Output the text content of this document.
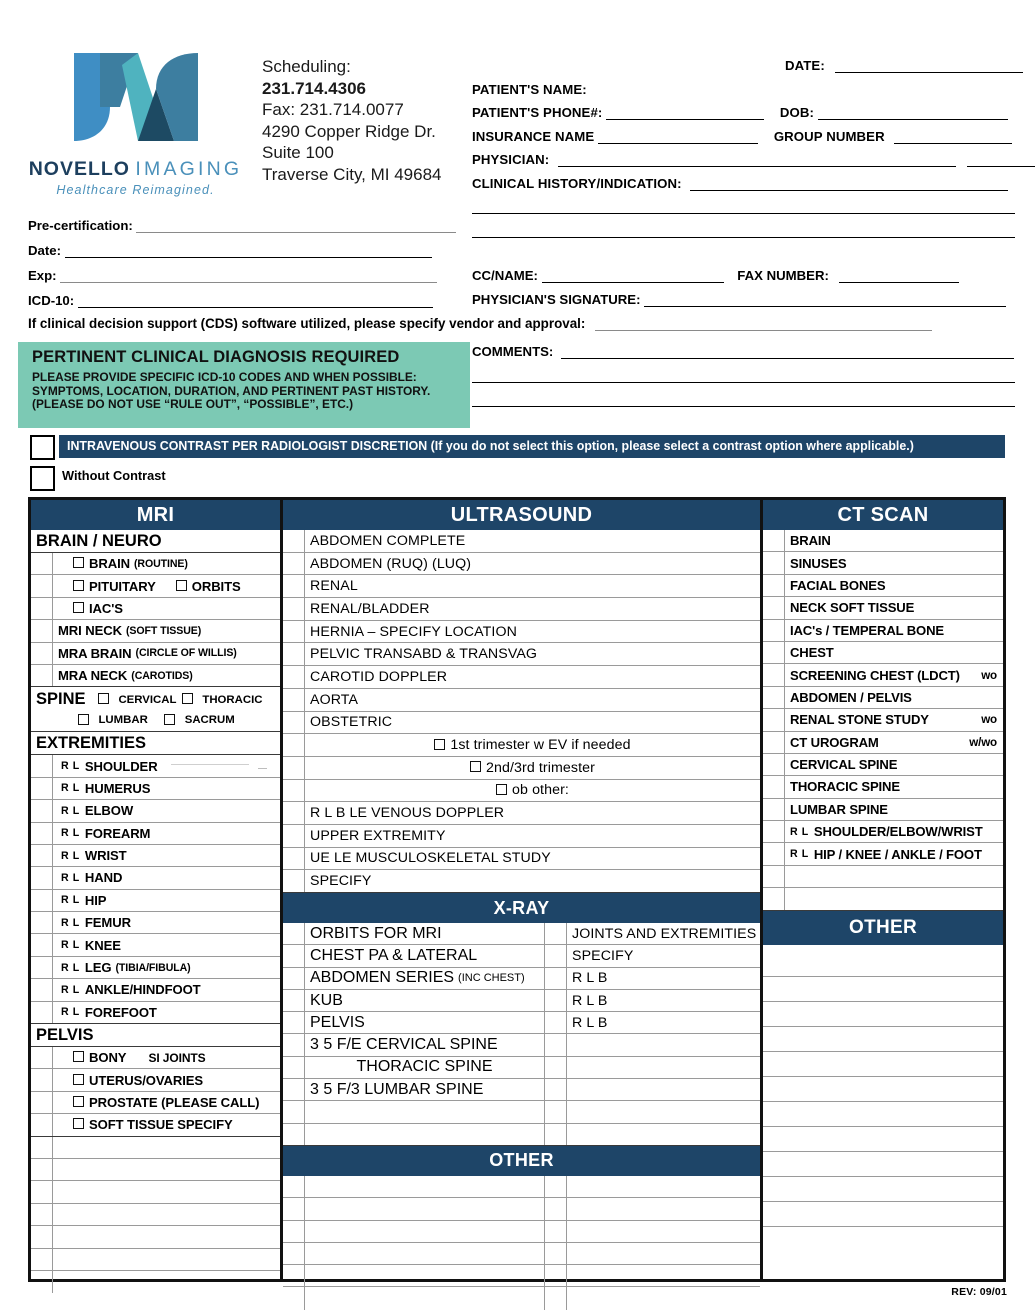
NOVELLO IMAGING
Healthcare Reimagined.
Scheduling:
231.714.4306
Fax: 231.714.0077
4290 Copper Ridge Dr.
Suite 100
Traverse City, MI 49684
DATE:
PATIENT'S NAME:
PATIENT'S PHONE#:	DOB:
INSURANCE NAME	GROUP NUMBER
PHYSICIAN:
CLINICAL HISTORY/INDICATION:
Pre-certification:
Date:
Exp:
ICD-10:
CC/NAME:	FAX NUMBER:
PHYSICIAN'S SIGNATURE:
If clinical decision support (CDS) software utilized, please specify vendor and approval:
PERTINENT CLINICAL DIAGNOSIS REQUIRED
PLEASE PROVIDE SPECIFIC ICD-10 CODES AND WHEN POSSIBLE: SYMPTOMS, LOCATION, DURATION, AND PERTINENT PAST HISTORY. (PLEASE DO NOT USE “RULE OUT”, “POSSIBLE”, ETC.)
COMMENTS:
INTRAVENOUS CONTRAST PER RADIOLOGIST DISCRETION (If you do not select this option, please select a contrast option where applicable.)
Without Contrast
MRI
BRAIN / NEURO
BRAIN (ROUTINE)
PITUITARY	ORBITS
IAC'S
MRI NECK (SOFT TISSUE)
MRA BRAIN (CIRCLE OF WILLIS)
MRA NECK (CAROTIDS)
SPINE	CERVICAL THORACIC
LUMBAR	SACRUM
EXTREMITIES
R L SHOULDER
R L HUMERUS
R L ELBOW
R L FOREARM
R L WRIST
R L HAND
R L HIP
R L FEMUR
R L KNEE
R L LEG (TIBIA/FIBULA)
R L ANKLE/HINDFOOT
R L FOREFOOT
PELVIS
BONY SI JOINTS
UTERUS/OVARIES
PROSTATE (PLEASE CALL)
SOFT TISSUE SPECIFY
ULTRASOUND
ABDOMEN COMPLETE
ABDOMEN (RUQ) (LUQ)
RENAL
RENAL/BLADDER
HERNIA – SPECIFY LOCATION
PELVIC TRANSABD & TRANSVAG
CAROTID DOPPLER
AORTA
OBSTETRIC
1st trimester w EV if needed
2nd/3rd trimester
ob other:
R L B LE VENOUS DOPPLER
UPPER EXTREMITY
UE LE MUSCULOSKELETAL STUDY
SPECIFY
X-RAY
ORBITS FOR MRI	JOINTS AND EXTREMITIES
CHEST PA & LATERAL	SPECIFY
ABDOMEN SERIES (INC CHEST)	R L B
KUB	R L B
PELVIS	R L B
3 5 F/E CERVICAL SPINE
THORACIC SPINE
3 5 F/3 LUMBAR SPINE
OTHER
CT SCAN
BRAIN
SINUSES
FACIAL BONES
NECK SOFT TISSUE
IAC's / TEMPERAL BONE
CHEST
SCREENING CHEST (LDCT) wo
ABDOMEN / PELVIS
RENAL STONE STUDY	wo
CT UROGRAM	w/wo
CERVICAL SPINE
THORACIC SPINE
LUMBAR SPINE
R L SHOULDER/ELBOW/WRIST
R L HIP / KNEE / ANKLE / FOOT
OTHER
REV: 09/01
